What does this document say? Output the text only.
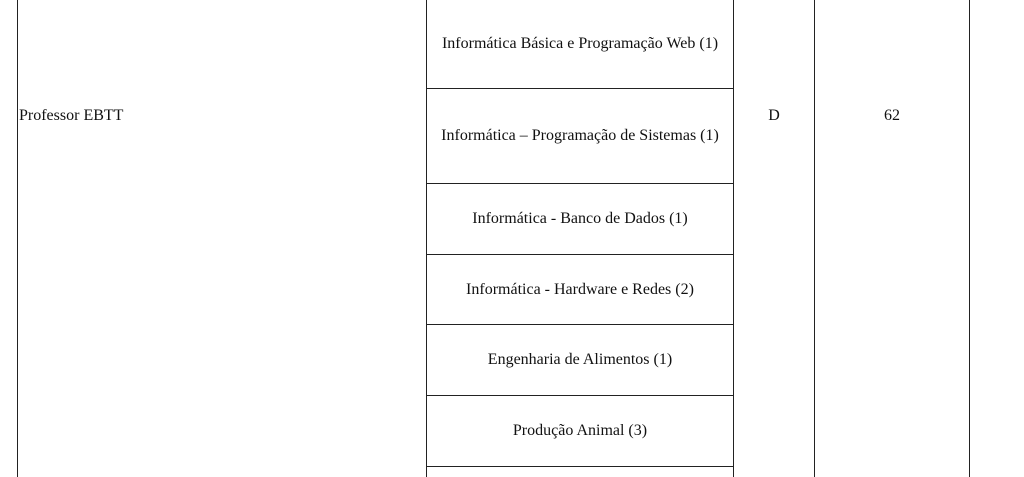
Professor EBTT
Informática Básica e Programação Web (1)
Informática – Programação de Sistemas (1)
Informática - Banco de Dados (1)
Informática - Hardware e Redes (2)
Engenharia de Alimentos (1)
Produção Animal (3)
D	62
